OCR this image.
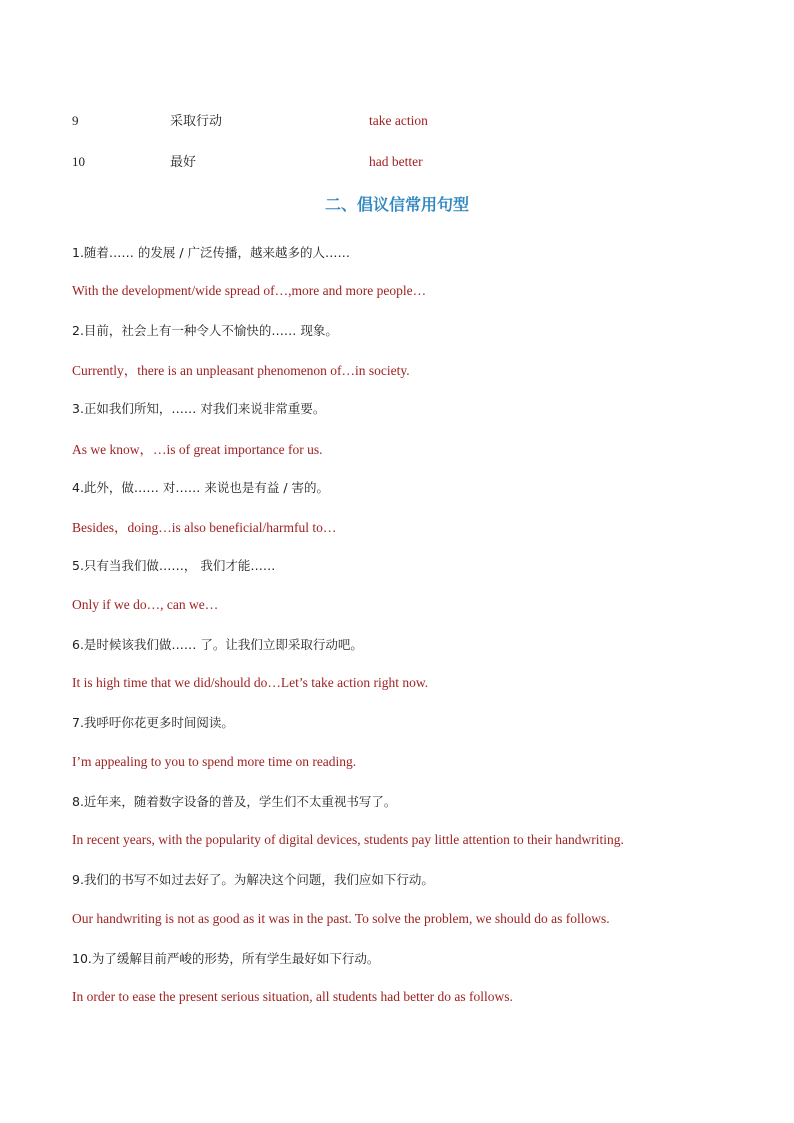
9	采取行动	take action
10	最好	had better
二、倡议信常用句型
1.随着…… 的发展 / 广泛传播，越来越多的人……
With the development/wide spread of…,more and more people…
2.目前，社会上有一种令人不愉快的…… 现象。
Currently，there is an unpleasant phenomenon of…in society.
3.正如我们所知，…… 对我们来说非常重要。
As we know，…is of great importance for us.
4.此外，做…… 对…… 来说也是有益 / 害的。
Besides，doing…is also beneficial/harmful to…
5.只有当我们做……， 我们才能……
Only if we do…, can we…
6.是时候该我们做…… 了。让我们立即采取行动吧。
It is high time that we did/should do…Let’s take action right now.
7.我呼吁你花更多时间阅读。
I’m appealing to you to spend more time on reading.
8.近年来，随着数字设备的普及，学生们不太重视书写了。
In recent years, with the popularity of digital devices, students pay little attention to their handwriting.
9.我们的书写不如过去好了。为解决这个问题，我们应如下行动。
Our handwriting is not as good as it was in the past. To solve the problem, we should do as follows.
10.为了缓解目前严峻的形势，所有学生最好如下行动。
In order to ease the present serious situation, all students had better do as follows.
